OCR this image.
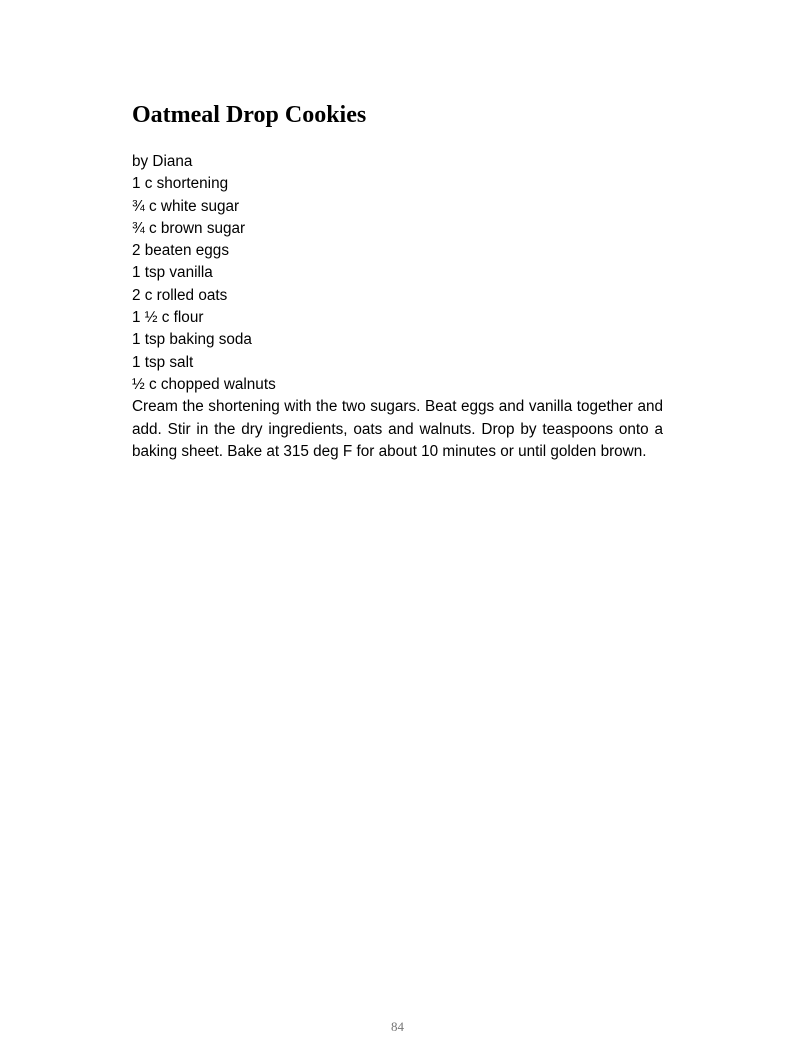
Oatmeal Drop Cookies
by Diana
1 c shortening
¾ c white sugar
¾ c brown sugar
2 beaten eggs
1 tsp vanilla
2 c rolled oats
1 ½ c flour
1 tsp baking soda
1 tsp salt
½ c chopped walnuts

Cream the shortening with the two sugars. Beat eggs and vanilla together and add. Stir in the dry ingredients, oats and walnuts. Drop by teaspoons onto a baking sheet. Bake at 315 deg F for about 10 minutes or until golden brown.

84
